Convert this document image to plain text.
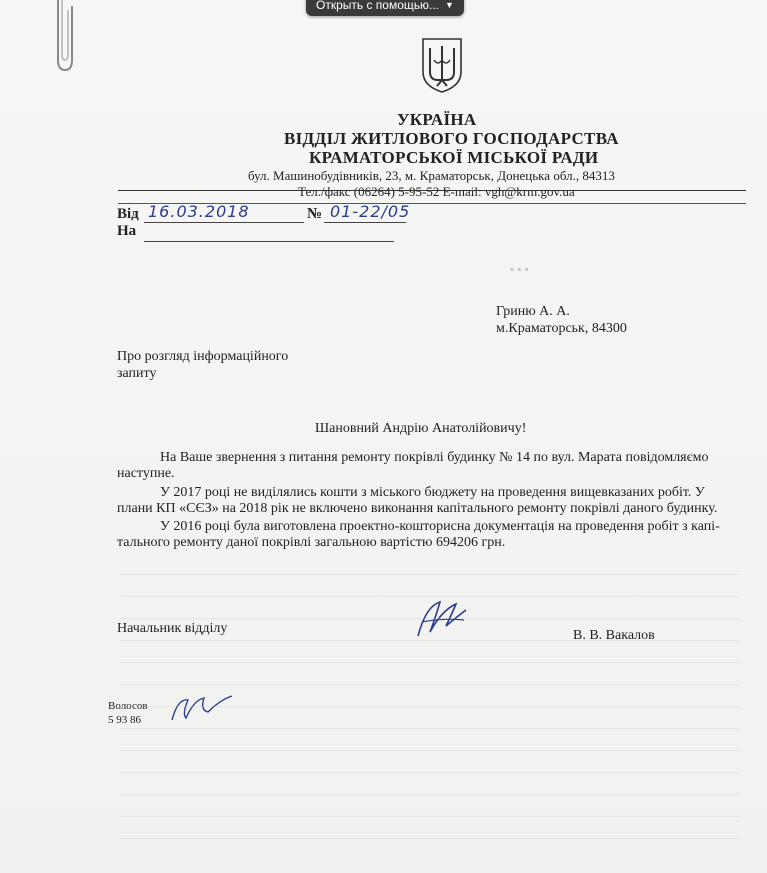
Открыть с помощью... ▼
УКРАЇНА
ВІДДІЛ ЖИТЛОВОГО ГОСПОДАРСТВА
КРАМАТОРСЬКОЇ МІСЬКОЇ РАДИ
бул. Машинобудівників, 23, м. Краматорськ, Донецька обл., 84313
Тел./факс (06264) 5-95-52 E-mail: vgh@krm.gov.ua
Від 16.03.2018	№ 01-22/05
На
▪ ▪ ▪
Гриню А. А.
м.Краматорськ, 84300
Про розгляд інформаційного
запиту
Шановний Андрію Анатолійовичу!
На Ваше звернення з питання ремонту покрівлі будинку № 14 по вул. Марата повідомляємо
наступне.
У 2017 році не виділялись кошти з міського бюджету на проведення вищевказаних робіт. У
плани КП «СЄЗ» на 2018 рік не включено виконання капітального ремонту покрівлі даного будинку.
У 2016 році була виготовлена проектно-кошторисна документація на проведення робіт з капі-
тального ремонту даної покрівлі загальною вартістю 694206 грн.
Начальник відділу	В. В. Вакалов
Волосов
5 93 86
